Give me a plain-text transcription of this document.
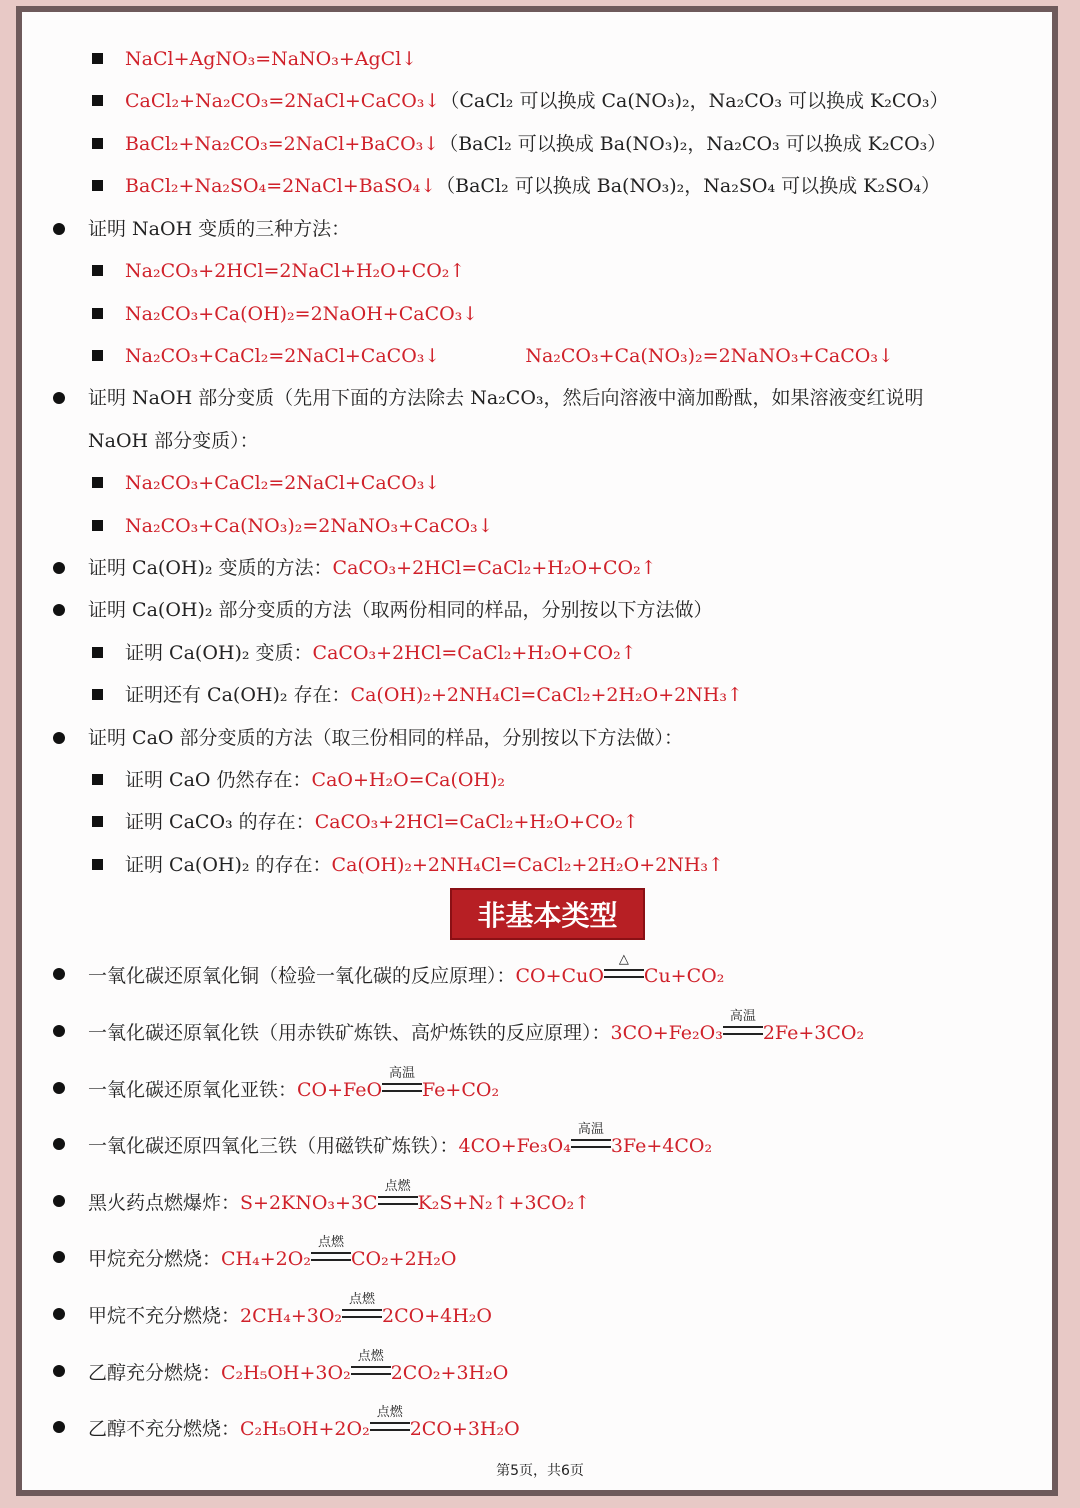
NaCl+AgNO₃=NaNO₃+AgCl↓
CaCl₂+Na₂CO₃=2NaCl+CaCO₃↓（CaCl₂ 可以换成 Ca(NO₃)₂，Na₂CO₃ 可以换成 K₂CO₃）
BaCl₂+Na₂CO₃=2NaCl+BaCO₃↓（BaCl₂ 可以换成 Ba(NO₃)₂，Na₂CO₃ 可以换成 K₂CO₃）
BaCl₂+Na₂SO₄=2NaCl+BaSO₄↓（BaCl₂ 可以换成 Ba(NO₃)₂，Na₂SO₄ 可以换成 K₂SO₄）
证明 NaOH 变质的三种方法：
Na₂CO₃+2HCl=2NaCl+H₂O+CO₂↑
Na₂CO₃+Ca(OH)₂=2NaOH+CaCO₃↓
Na₂CO₃+CaCl₂=2NaCl+CaCO₃↓	Na₂CO₃+Ca(NO₃)₂=2NaNO₃+CaCO₃↓
证明 NaOH 部分变质（先用下面的方法除去 Na₂CO₃，然后向溶液中滴加酚酞，如果溶液变红说明
NaOH 部分变质）：
Na₂CO₃+CaCl₂=2NaCl+CaCO₃↓
Na₂CO₃+Ca(NO₃)₂=2NaNO₃+CaCO₃↓
证明 Ca(OH)₂ 变质的方法：CaCO₃+2HCl=CaCl₂+H₂O+CO₂↑
证明 Ca(OH)₂ 部分变质的方法（取两份相同的样品，分别按以下方法做）
证明 Ca(OH)₂ 变质：CaCO₃+2HCl=CaCl₂+H₂O+CO₂↑
证明还有 Ca(OH)₂ 存在：Ca(OH)₂+2NH₄Cl=CaCl₂+2H₂O+2NH₃↑
证明 CaO 部分变质的方法（取三份相同的样品，分别按以下方法做）：
证明 CaO 仍然存在：CaO+H₂O=Ca(OH)₂
证明 CaCO₃ 的存在：CaCO₃+2HCl=CaCl₂+H₂O+CO₂↑
证明 Ca(OH)₂ 的存在：Ca(OH)₂+2NH₄Cl=CaCl₂+2H₂O+2NH₃↑
一氧化碳还原氧化铜（检验一氧化碳的反应原理）：CO+CuO
△
Cu+CO₂
一氧化碳还原氧化铁（用赤铁矿炼铁、高炉炼铁的反应原理）：3CO+Fe₂O₃
高温
2Fe+3CO₂
一氧化碳还原氧化亚铁：CO+FeO
高温
Fe+CO₂
一氧化碳还原四氧化三铁（用磁铁矿炼铁）：4CO+Fe₃O₄
高温
3Fe+4CO₂
黑火药点燃爆炸：S+2KNO₃+3C
点燃
K₂S+N₂↑+3CO₂↑
甲烷充分燃烧：CH₄+2O₂
点燃
CO₂+2H₂O
甲烷不充分燃烧：2CH₄+3O₂
点燃
2CO+4H₂O
乙醇充分燃烧：C₂H₅OH+3O₂
点燃
2CO₂+3H₂O
乙醇不充分燃烧：C₂H₅OH+2O₂
点燃
2CO+3H₂O
非基本类型
第5页，共6页
